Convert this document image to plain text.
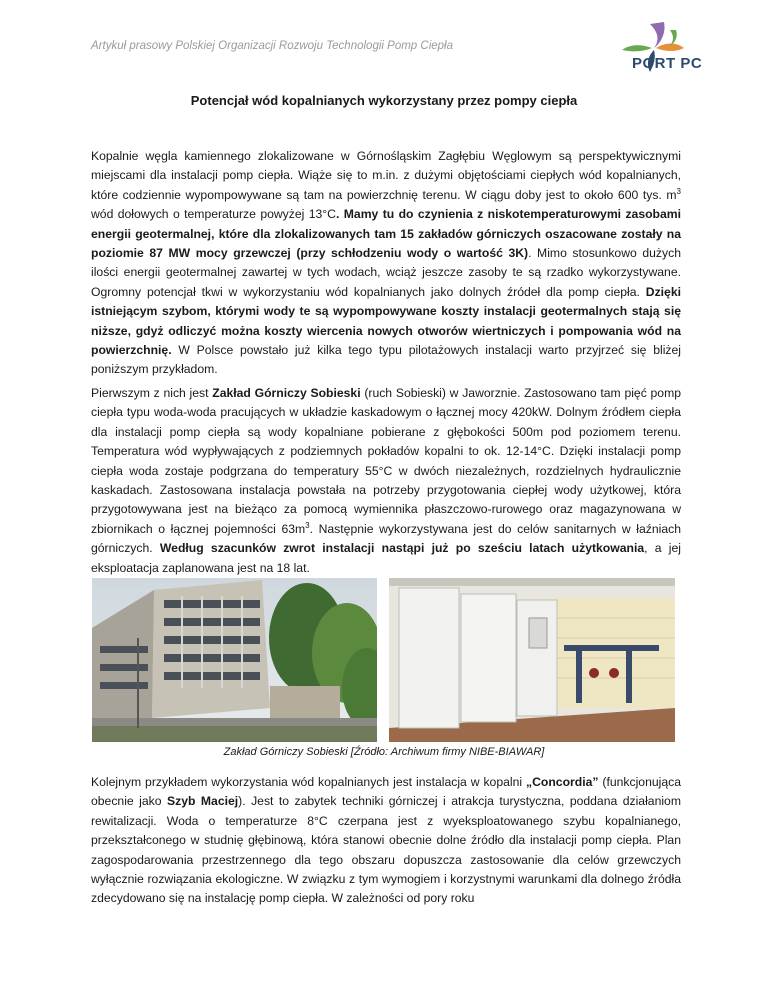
Artykuł prasowy Polskiej Organizacji Rozwoju Technologii Pomp Ciepła
PORT PC
Potencjał wód kopalnianych wykorzystany przez pompy ciepła

Kopalnie węgla kamiennego zlokalizowane w Górnośląskim Zagłębiu Węglowym są perspektywicznymi miejscami dla instalacji pomp ciepła. Wiąże się to m.in. z dużymi objętościami ciepłych wód kopalnianych, które codziennie wypompowywane są tam na powierzchnię terenu. W ciągu doby jest to około 600 tys. $m^3$ wód dołowych o temperaturze powyżej 13°C. Mamy tu do czynienia z niskotemperaturowymi zasobami energii geotermalnej, które dla zlokalizowanych tam 15 zakładów górniczych oszacowane zostały na poziomie 87 MW mocy grzewczej (przy schłodzeniu wody o wartość 3K). Mimo stosunkowo dużych ilości energii geotermalnej zawartej w tych wodach, wciąż jeszcze zasoby te są rzadko wykorzystywane. Ogromny potencjał tkwi w wykorzystaniu wód kopalnianych jako dolnych źródeł dla pomp ciepła. Dzięki istniejącym szybom, którymi wody te są wypompowywane koszty instalacji geotermalnych stają się niższe, gdyż odliczyć można koszty wiercenia nowych otworów wiertniczych i pompowania wód na powierzchnię. W Polsce powstało już kilka tego typu pilotażowych instalacji warto przyjrzeć się bliżej poniższym przykładom.

Pierwszym z nich jest Zakład Górniczy Sobieski (ruch Sobieski) w Jaworznie. Zastosowano tam pięć pomp ciepła typu woda-woda pracujących w układzie kaskadowym o łącznej mocy 420kW. Dolnym źródłem ciepła dla instalacji pomp ciepła są wody kopalniane pobierane z głębokości 500m pod poziomem terenu. Temperatura wód wypływających z podziemnych pokładów kopalni to ok. 12-14°C. Dzięki instalacji pomp ciepła woda zostaje podgrzana do temperatury 55°C w dwóch niezależnych, rozdzielnych hydraulicznie kaskadach. Zastosowana instalacja powstała na potrzeby przygotowania ciepłej wody użytkowej, która przygotowywana jest na bieżąco za pomocą wymiennika płaszczowo-rurowego oraz magazynowana w zbiornikach o łącznej pojemności $63m^3$. Następnie wykorzystywana jest do celów sanitarnych w łaźniach górniczych. Według szacunków zwrot instalacji nastąpi już po sześciu latach użytkowania, a jej eksploatacja zaplanowana jest na 18 lat.

Zakład Górniczy Sobieski [Źródło: Archiwum firmy NIBE-BIAWAR]

Kolejnym przykładem wykorzystania wód kopalnianych jest instalacja w kopalni „Concordia” (funkcjonująca obecnie jako Szyb Maciej). Jest to zabytek techniki górniczej i atrakcja turystyczna, poddana działaniom rewitalizacji. Woda o temperaturze 8°C czerpana jest z wyeksploatowanego szybu kopalnianego, przekształconego w studnię głębinową, która stanowi obecnie dolne źródło dla instalacji pomp ciepła. Plan zagospodarowania przestrzennego dla tego obszaru dopuszcza zastosowanie dla celów grzewczych wyłącznie rozwiązania ekologiczne. W związku z tym wymogiem i korzystnymi warunkami dla dolnego źródła zdecydowano się na instalację pomp ciepła. W zależności od pory roku
